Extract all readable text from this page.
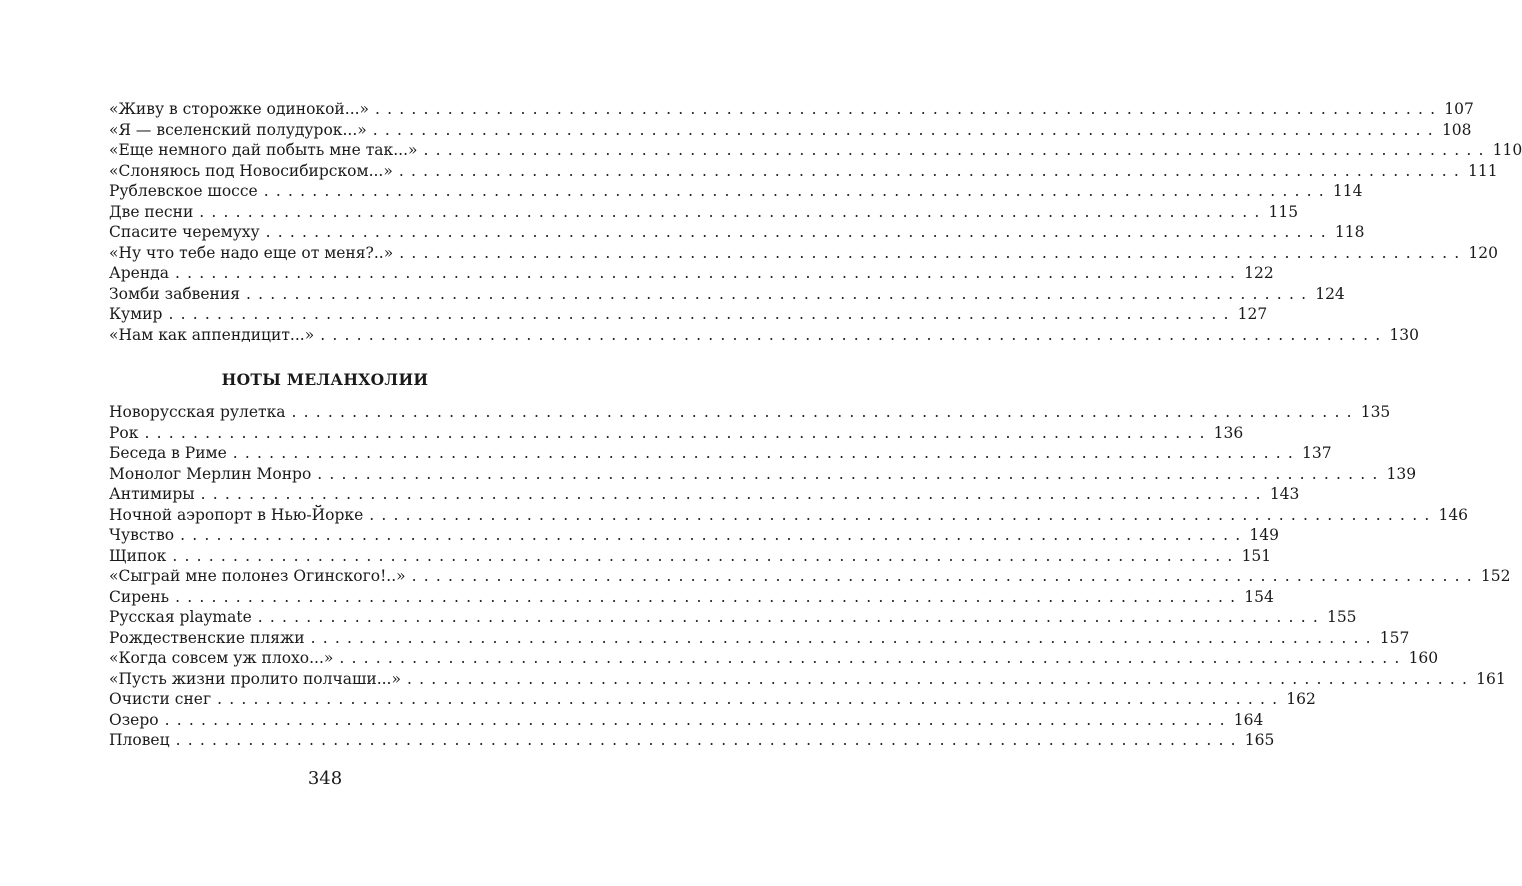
«Живу в сторожке одинокой...» ........................................................................................ 107
«Я — вселенский полудурок...» ........................................................................................ 108
«Еще немного дай побыть мне так...» ........................................................................................ 110
«Слоняюсь под Новосибирском...» ........................................................................................ 111
Рублевское шоссе ........................................................................................ 114
Две песни ........................................................................................ 115
Спасите черемуху ........................................................................................ 118
«Ну что тебе надо еще от меня?..» ........................................................................................ 120
Аренда ........................................................................................ 122
Зомби забвения ........................................................................................ 124
Кумир ........................................................................................ 127
«Нам как аппендицит...» ........................................................................................ 130
НОТЫ МЕЛАНХОЛИИ
Новорусская рулетка ........................................................................................ 135
Рок ........................................................................................ 136
Беседа в Риме ........................................................................................ 137
Монолог Мерлин Монро ........................................................................................ 139
Антимиры ........................................................................................ 143
Ночной аэропорт в Нью-Йорке ........................................................................................ 146
Чувство ........................................................................................ 149
Щипок ........................................................................................ 151
«Сыграй мне полонез Огинского!..» ........................................................................................ 152
Сирень ........................................................................................ 154
Русская playmate ........................................................................................ 155
Рождественские пляжи ........................................................................................ 157
«Когда совсем уж плохо...» ........................................................................................ 160
«Пусть жизни пролито полчаши...» ........................................................................................ 161
Очисти снег ........................................................................................ 162
Озеро ........................................................................................ 164
Пловец ........................................................................................ 165
348
